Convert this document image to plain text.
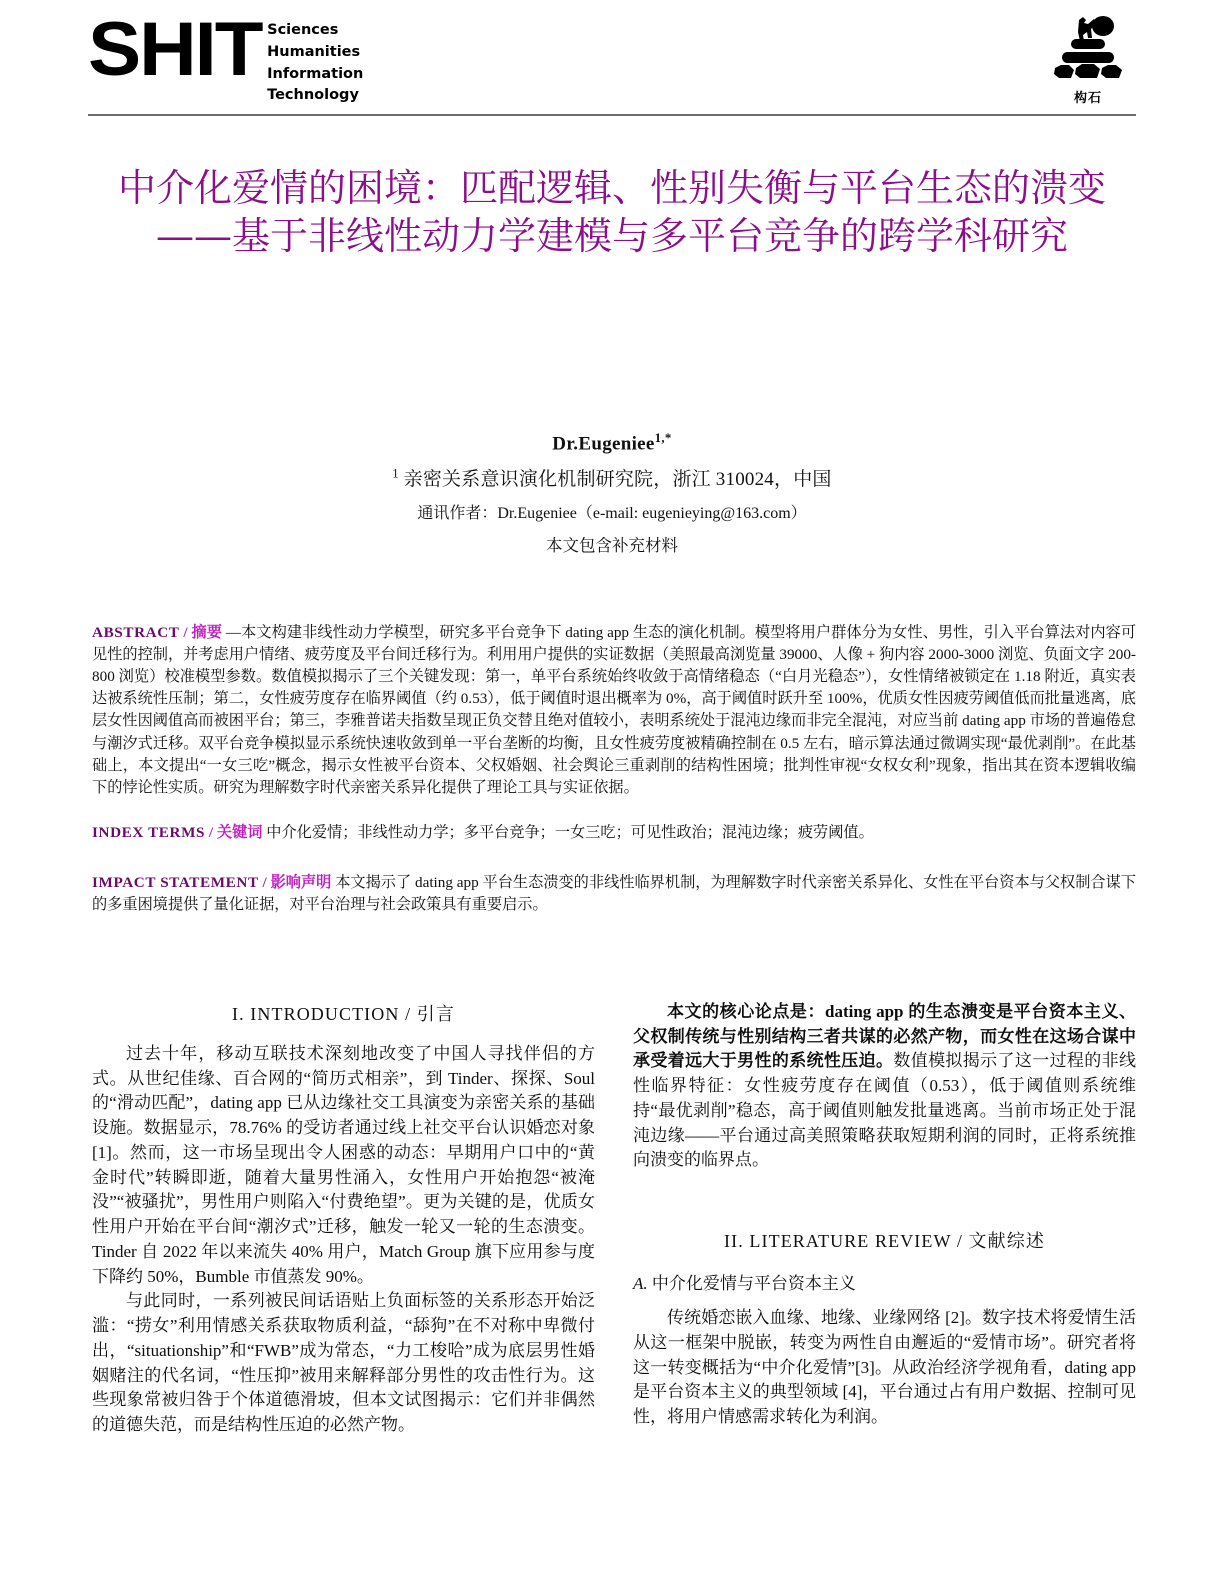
SHIT Sciences
Humanities
Information
Technology	构石
中介化爱情的困境：匹配逻辑、性别失衡与平台生态的溃变——基于非线性动力学建模与多平台竞争的跨学科研究
Dr.Eugeniee$^{1,*}$
$^1$ 亲密关系意识演化机制研究院，浙江 310024，中国
通讯作者：Dr.Eugeniee（e-mail: eugenieying@163.com）
本文包含补充材料

ABSTRACT / 摘要 —本文构建非线性动力学模型，研究多平台竞争下 dating app 生态的演化机制。模型将用户群体分为女性、男性，引入平台算法对内容可见性的控制，并考虑用户情绪、疲劳度及平台间迁移行为。利用用户提供的实证数据（美照最高浏览量 39000、人像 + 狗内容 2000-3000 浏览、负面文字 200-800 浏览）校准模型参数。数值模拟揭示了三个关键发现：第一，单平台系统始终收敛于高情绪稳态（“白月光稳态”），女性情绪被锁定在 1.18 附近，真实表达被系统性压制；第二，女性疲劳度存在临界阈值（约 0.53），低于阈值时退出概率为 0%，高于阈值时跃升至 100%，优质女性因疲劳阈值低而批量逃离，底层女性因阈值高而被困平台；第三，李雅普诺夫指数呈现正负交替且绝对值较小，表明系统处于混沌边缘而非完全混沌，对应当前 dating app 市场的普遍倦怠与潮汐式迁移。双平台竞争模拟显示系统快速收敛到单一平台垄断的均衡，且女性疲劳度被精确控制在 0.5 左右，暗示算法通过微调实现“最优剥削”。在此基础上，本文提出“一女三吃”概念，揭示女性被平台资本、父权婚姻、社会舆论三重剥削的结构性困境；批判性审视“女权女利”现象，指出其在资本逻辑收编下的悖论性实质。研究为理解数字时代亲密关系异化提供了理论工具与实证依据。

INDEX TERMS / 关键词 中介化爱情；非线性动力学；多平台竞争；一女三吃；可见性政治；混沌边缘；疲劳阈值。

IMPACT STATEMENT / 影响声明 本文揭示了 dating app 平台生态溃变的非线性临界机制，为理解数字时代亲密关系异化、女性在平台资本与父权制合谋下的多重困境提供了量化证据，对平台治理与社会政策具有重要启示。

I. INTRODUCTION / 引言

过去十年，移动互联技术深刻地改变了中国人寻找伴侣的方式。从世纪佳缘、百合网的“简历式相亲”，到 Tinder、探探、Soul 的“滑动匹配”，dating app 已从边缘社交工具演变为亲密关系的基础设施。数据显示，78.76% 的受访者通过线上社交平台认识婚恋对象 [1]。然而，这一市场呈现出令人困惑的动态：早期用户口中的“黄金时代”转瞬即逝，随着大量男性涌入，女性用户开始抱怨“被淹没”“被骚扰”，男性用户则陷入“付费绝望”。更为关键的是，优质女性用户开始在平台间“潮汐式”迁移，触发一轮又一轮的生态溃变。Tinder 自 2022 年以来流失 40% 用户，Match Group 旗下应用参与度下降约 50%，Bumble 市值蒸发 90%。

与此同时，一系列被民间话语贴上负面标签的关系形态开始泛滥：“捞女”利用情感关系获取物质利益，“舔狗”在不对称中卑微付出，“situationship”和“FWB”成为常态，“力工梭哈”成为底层男性婚姻赌注的代名词，“性压抑”被用来解释部分男性的攻击性行为。这些现象常被归咎于个体道德滑坡，但本文试图揭示：它们并非偶然的道德失范，而是结构性压迫的必然产物。

本文的核心论点是：dating app 的生态溃变是平台资本主义、父权制传统与性别结构三者共谋的必然产物，而女性在这场合谋中承受着远大于男性的系统性压迫。数值模拟揭示了这一过程的非线性临界特征：女性疲劳度存在阈值（0.53），低于阈值则系统维持“最优剥削”稳态，高于阈值则触发批量逃离。当前市场正处于混沌边缘——平台通过高美照策略获取短期利润的同时，正将系统推向溃变的临界点。

II. LITERATURE REVIEW / 文献综述
A. 中介化爱情与平台资本主义

传统婚恋嵌入血缘、地缘、业缘网络 [2]。数字技术将爱情生活从这一框架中脱嵌，转变为两性自由邂逅的“爱情市场”。研究者将这一转变概括为“中介化爱情”[3]。从政治经济学视角看，dating app 是平台资本主义的典型领域 [4]，平台通过占有用户数据、控制可见性，将用户情感需求转化为利润。
